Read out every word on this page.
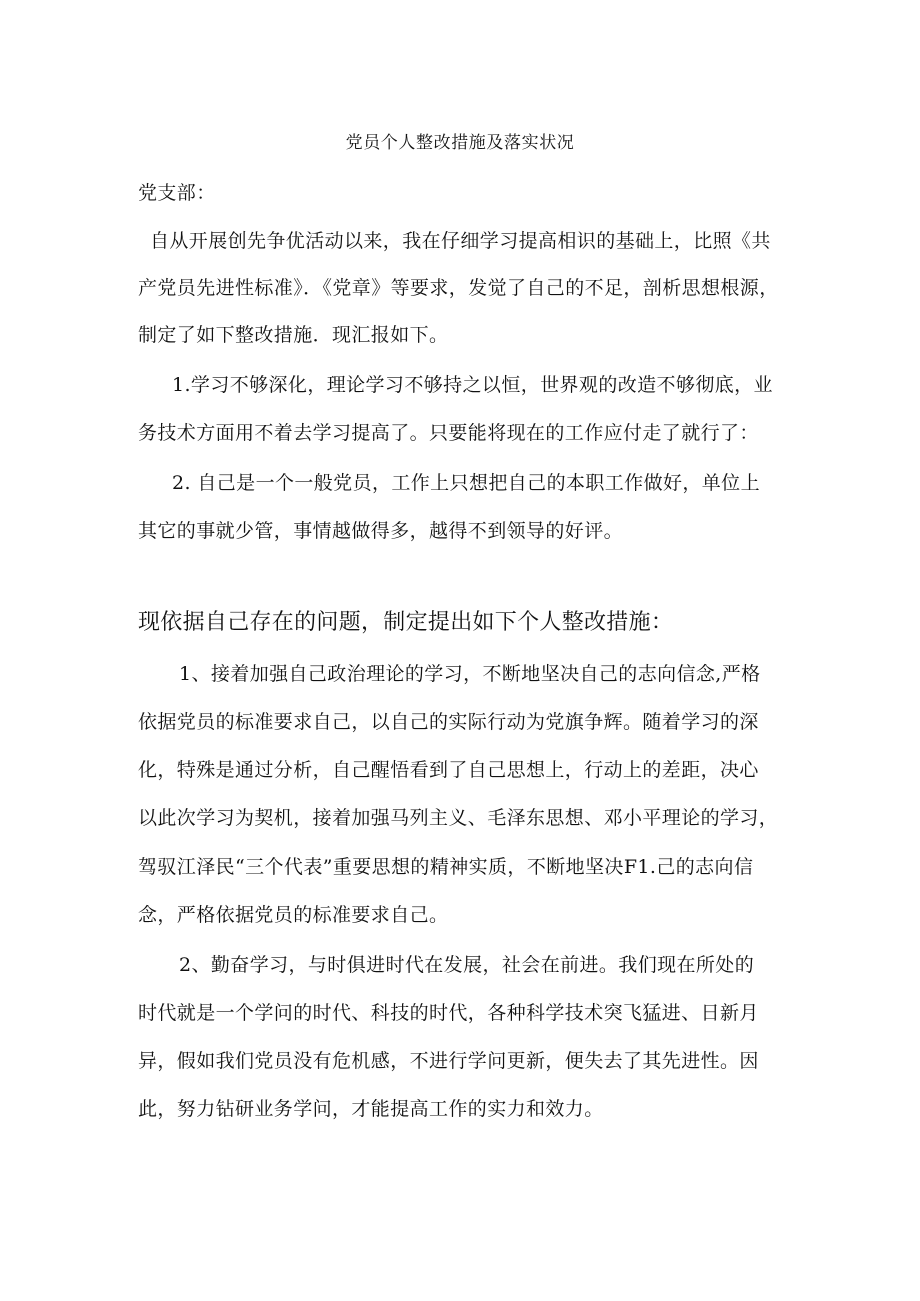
党员个人整改措施及落实状况
党支部：
自从开展创先争优活动以来，我在仔细学习提高相识的基础上，比照《共
产党员先进性标准》．《党章》等要求，发觉了自己的不足，剖析思想根源，
制定了如下整改措施．现汇报如下。
1.学习不够深化，理论学习不够持之以恒，世界观的改造不够彻底，业
务技术方面用不着去学习提高了。只要能将现在的工作应付走了就行了：
2. 自己是一个一般党员，工作上只想把自己的本职工作做好，单位上
其它的事就少管，事情越做得多，越得不到领导的好评。
现依据自己存在的问题，制定提出如下个人整改措施：
1、接着加强自己政治理论的学习，不断地坚决自己的志向信念,严格
依据党员的标准要求自己，以自己的实际行动为党旗争辉。随着学习的深
化，特殊是通过分析，自己醒悟看到了自己思想上，行动上的差距，决心
以此次学习为契机，接着加强马列主义、毛泽东思想、邓小平理论的学习，
驾驭江泽民“三个代表”重要思想的精神实质，不断地坚决F1.己的志向信
念，严格依据党员的标准要求自己。
2、勤奋学习，与时俱进时代在发展，社会在前进。我们现在所处的
时代就是一个学问的时代、科技的时代，各种科学技术突飞猛进、日新月
异，假如我们党员没有危机感，不进行学问更新，便失去了其先进性。因
此，努力钻研业务学问，才能提高工作的实力和效力。
